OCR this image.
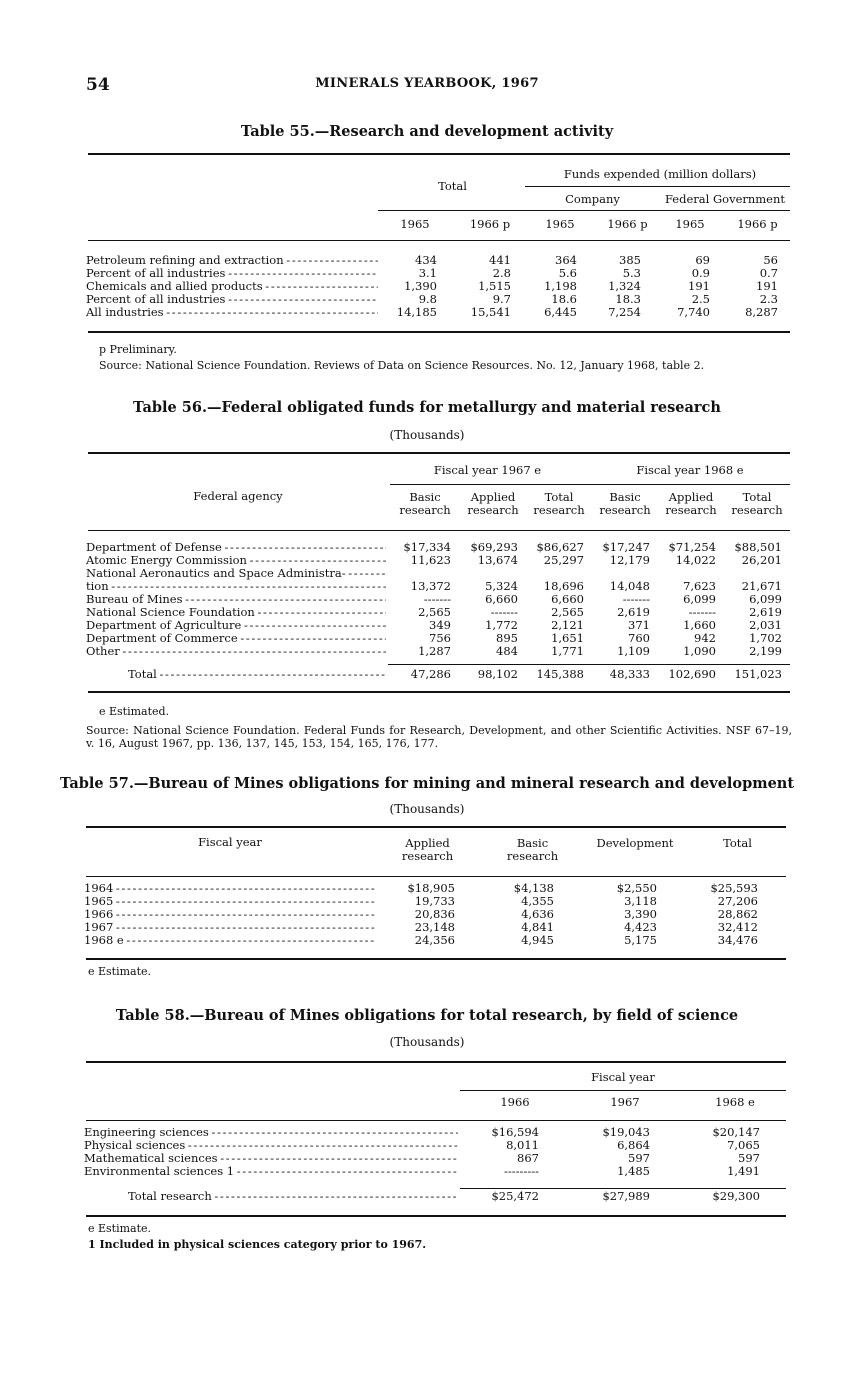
54	MINERALS YEARBOOK, 1967
Table 55.—Research and development activity
Total
Funds expended (million dollars)
Company	Federal Government
1965	1966 p	1965	1966 p	1965	1966 p
Petroleum refining and extraction - - -	434	441	364	385	69	56
Percent of all industries - - -	3.1	2.8	5.6	5.3	0.9	0.7
Chemicals and allied products - - -	1,390	1,515	1,198	1,324	191	191
Percent of all industries - - -	9.8	9.7	18.6	18.3	2.5	2.3
All industries - - -	14,185	15,541	6,445	7,254	7,740	8,287
p Preliminary.
Source: National Science Foundation. Reviews of Data on Science Resources. No. 12, January 1968, table 2.
Table 56.—Federal obligated funds for metallurgy and material research
(Thousands)
Federal agency
Fiscal year 1967 e	Fiscal year 1968 e
Basic research
Applied research
Total research
Basic research
Applied research
Total research
Department of Defense - - -	$17,334 $69,293 $86,627 $17,247 $71,254 $88,501
Atomic Energy Commission - - -	11,623 13,674 25,297 12,179 14,022 26,201
National Aeronautics and Space Administra- - - -
tion - - -	13,372	5,324 18,696 14,048	7,623 21,671
Bureau of Mines - - -	-------	6,660	6,660	-------	6,099	6,099
National Science Foundation - - -	2,565	-------	2,565	2,619	-------	2,619
Department of Agriculture - - -	349	1,772	2,121	371	1,660	2,031
Department of Commerce - - -	756	895	1,651	760	942	1,702
Other - - -	1,287	484	1,771	1,109	1,090	2,199
Total - - -	47,286 98,102 145,388 48,333 102,690 151,023
e Estimated.
Source: National Science Foundation. Federal Funds for Research, Development, and other Scientific Activities. NSF 67–19, v. 16, August 1967, pp. 136, 137, 145, 153, 154, 165, 176, 177.
Table 57.—Bureau of Mines obligations for mining and mineral research and development
(Thousands)
Fiscal year	Applied research
Basic research
Development	Total
1964 - - -	$18,905	$4,138	$2,550	$25,593
1965 - - -	19,733	4,355	3,118	27,206
1966 - - -	20,836	4,636	3,390	28,862
1967 - - -	23,148	4,841	4,423	32,412
1968 e - - -	24,356	4,945	5,175	34,476
e Estimate.
Table 58.—Bureau of Mines obligations for total research, by field of science
(Thousands)
Fiscal year
1966	1967	1968 e
Engineering sciences - - -	$16,594	$19,043	$20,147
Physical sciences - - -	8,011	6,864	7,065
Mathematical sciences - - -	867	597	597
Environmental sciences 1 - - -	---------	1,485	1,491
Total research - - -	$25,472	$27,989	$29,300
e Estimate.
1 Included in physical sciences category prior to 1967.
